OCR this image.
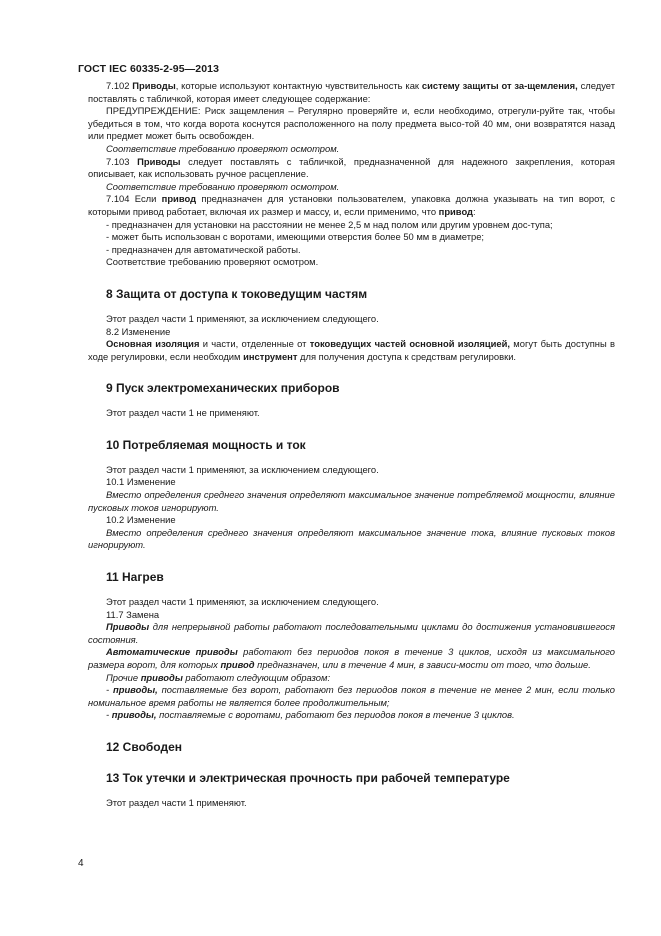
ГОСТ IEC 60335-2-95—2013

7.102 Приводы, которые используют контактную чувствительность как систему защиты от за-щемления, следует поставлять с табличкой, которая имеет следующее содержание:

ПРЕДУПРЕЖДЕНИЕ: Риск защемления – Регулярно проверяйте и, если необходимо, отрегули-руйте так, чтобы убедиться в том, что когда ворота коснутся расположенного на полу предмета высо-той 40 мм, они возвратятся назад или предмет может быть освобожден.

Соответствие требованию проверяют осмотром.

7.103 Приводы следует поставлять с табличкой, предназначенной для надежного закрепления, которая описывает, как использовать ручное расцепление.

Соответствие требованию проверяют осмотром.

7.104 Если привод предназначен для установки пользователем, упаковка должна указывать на тип ворот, с которыми привод работает, включая их размер и массу, и, если применимо, что привод:

- предназначен для установки на расстоянии не менее 2,5 м над полом или другим уровнем дос-тупа;

- может быть использован с воротами, имеющими отверстия более 50 мм в диаметре;

- предназначен для автоматической работы.

Соответствие требованию проверяют осмотром.

8 Защита от доступа к токоведущим частям

Этот раздел части 1 применяют, за исключением следующего.

8.2 Изменение

Основная изоляция и части, отделенные от токоведущих частей основной изоляцией, могут быть доступны в ходе регулировки, если необходим инструмент для получения доступа к средствам регулировки.

9 Пуск электромеханических приборов

Этот раздел части 1 не применяют.

10 Потребляемая мощность и ток

Этот раздел части 1 применяют, за исключением следующего.

10.1 Изменение

Вместо определения среднего значения определяют максимальное значение потребляемой мощности, влияние пусковых токов игнорируют.

10.2 Изменение

Вместо определения среднего значения определяют максимальное значение тока, влияние пусковых токов игнорируют.

11 Нагрев

Этот раздел части 1 применяют, за исключением следующего.

11.7 Замена

Приводы для непрерывной работы работают последовательными циклами до достижения установившегося состояния.

Автоматические приводы работают без периодов покоя в течение 3 циклов, исходя из максимального размера ворот, для которых привод предназначен, или в течение 4 мин, в зависи-мости от того, что дольше.

Прочие приводы работают следующим образом:

- приводы, поставляемые без ворот, работают без периодов покоя в течение не менее 2 мин, если только номинальное время работы не является более продолжительным;

- приводы, поставляемые с воротами, работают без периодов покоя в течение 3 циклов.

12 Свободен
13 Ток утечки и электрическая прочность при рабочей температуре

Этот раздел части 1 применяют.

4
